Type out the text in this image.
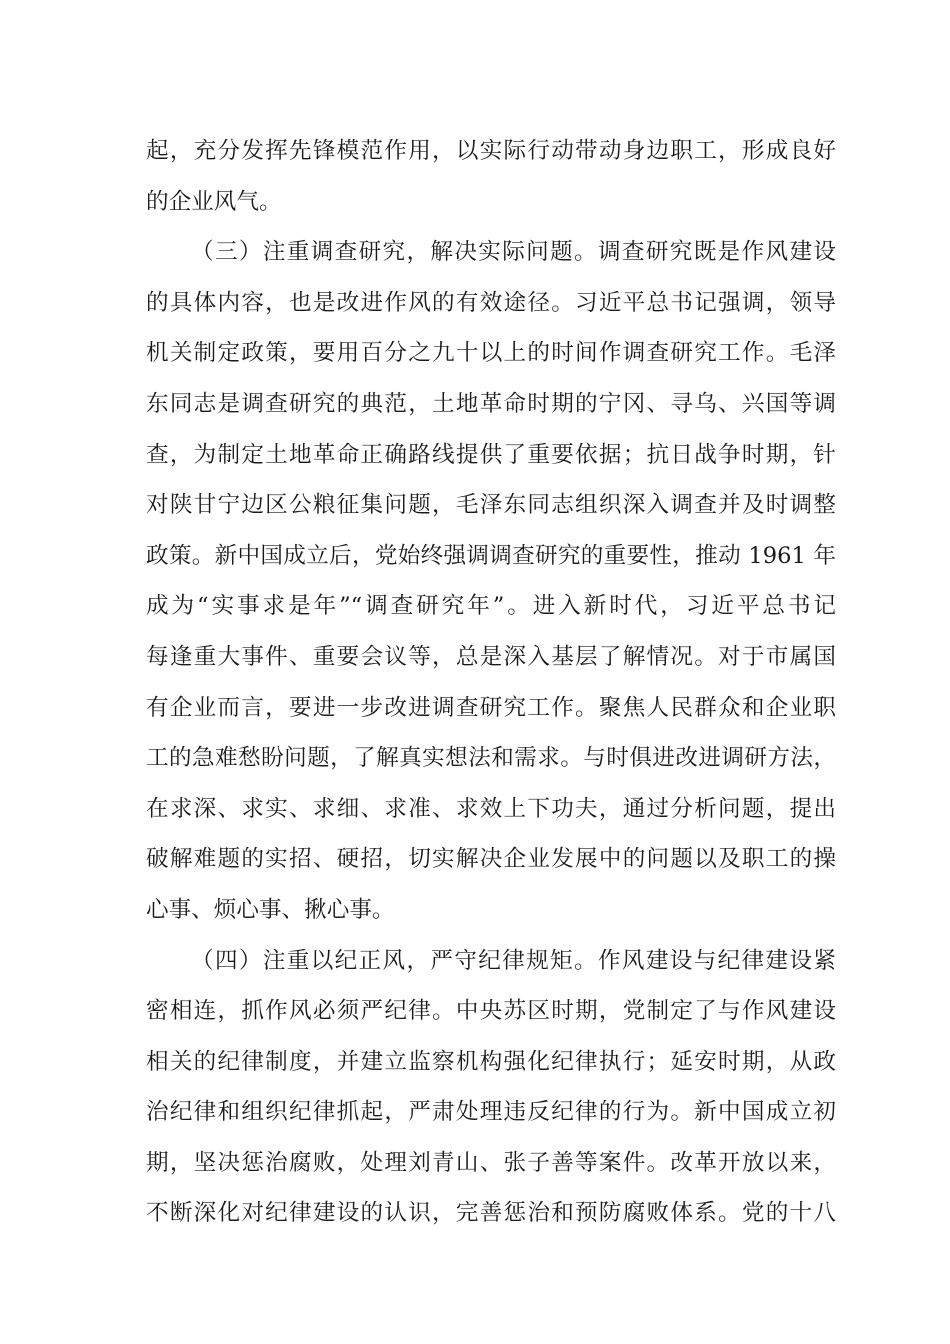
起，充分发挥先锋模范作用，以实际行动带动身边职工，形成良好
的企业风气。
（三）注重调查研究，解决实际问题。调查研究既是作风建设
的具体内容，也是改进作风的有效途径。习近平总书记强调，领导
机关制定政策，要用百分之九十以上的时间作调查研究工作。毛泽
东同志是调查研究的典范，土地革命时期的宁冈、寻乌、兴国等调
查，为制定土地革命正确路线提供了重要依据；抗日战争时期，针
对陕甘宁边区公粮征集问题，毛泽东同志组织深入调查并及时调整
政策。新中国成立后，党始终强调调查研究的重要性，推动 1961 年
成为“实事求是年”“调查研究年”。进入新时代，习近平总书记
每逢重大事件、重要会议等，总是深入基层了解情况。对于市属国
有企业而言，要进一步改进调查研究工作。聚焦人民群众和企业职
工的急难愁盼问题，了解真实想法和需求。与时俱进改进调研方法，
在求深、求实、求细、求准、求效上下功夫，通过分析问题，提出
破解难题的实招、硬招，切实解决企业发展中的问题以及职工的操
心事、烦心事、揪心事。
（四）注重以纪正风，严守纪律规矩。作风建设与纪律建设紧
密相连，抓作风必须严纪律。中央苏区时期，党制定了与作风建设
相关的纪律制度，并建立监察机构强化纪律执行；延安时期，从政
治纪律和组织纪律抓起，严肃处理违反纪律的行为。新中国成立初
期，坚决惩治腐败，处理刘青山、张子善等案件。改革开放以来，
不断深化对纪律建设的认识，完善惩治和预防腐败体系。党的十八
